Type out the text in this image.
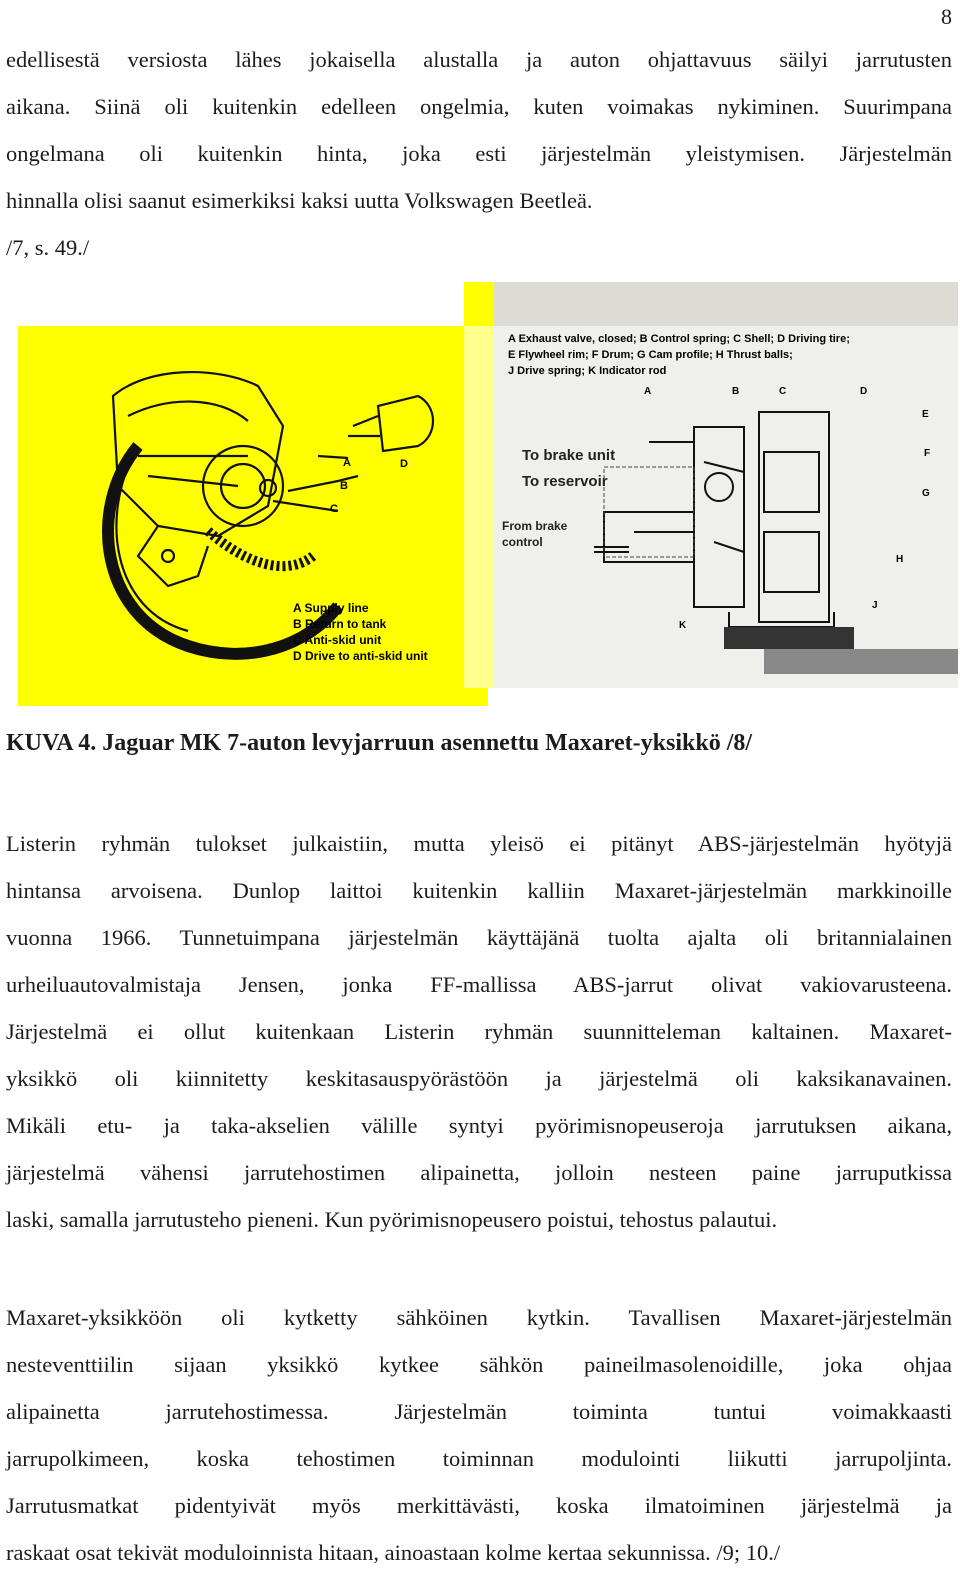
8
edellisestä versiosta lähes jokaisella alustalla ja auton ohjattavuus säilyi jarrutusten
aikana. Siinä oli kuitenkin edelleen ongelmia, kuten voimakas nykiminen. Suurimpana
ongelmana oli kuitenkin hinta, joka esti järjestelmän yleistymisen. Järjestelmän
hinnalla olisi saanut esimerkiksi kaksi uutta Volkswagen Beetleä.
/7, s. 49./
A
B
C
D
A Supply line
B Return to tank
C Anti-skid unit
D Drive to anti-skid unit
A Exhaust valve, closed; B Control spring; C Shell; D Driving tire;
E Flywheel rim; F Drum; G Cam profile; H Thrust balls;
J Drive spring; K Indicator rod
To brake unit
To reservoir
From brake
control
A	B	C	D
E
F
G
H
J
K
KUVA 4. Jaguar MK 7-auton levyjarruun asennettu Maxaret-yksikkö /8/
Listerin ryhmän tulokset julkaistiin, mutta yleisö ei pitänyt ABS-järjestelmän hyötyjä
hintansa arvoisena. Dunlop laittoi kuitenkin kalliin Maxaret-järjestelmän markkinoille
vuonna 1966. Tunnetuimpana järjestelmän käyttäjänä tuolta ajalta oli britannialainen
urheiluautovalmistaja Jensen, jonka FF-mallissa ABS-jarrut olivat vakiovarusteena.
Järjestelmä ei ollut kuitenkaan Listerin ryhmän suunnitteleman kaltainen. Maxaret-
yksikkö oli kiinnitetty keskitasauspyörästöön ja järjestelmä oli kaksikanavainen.
Mikäli etu- ja taka-akselien välille syntyi pyörimisnopeuseroja jarrutuksen aikana,
järjestelmä vähensi jarrutehostimen alipainetta, jolloin nesteen paine jarruputkissa
laski, samalla jarrutusteho pieneni. Kun pyörimisnopeusero poistui, tehostus palautui.
Maxaret-yksikköön oli kytketty sähköinen kytkin. Tavallisen Maxaret-järjestelmän
nesteventtiilin sijaan yksikkö kytkee sähkön paineilmasolenoidille, joka ohjaa
alipainetta jarrutehostimessa. Järjestelmän toiminta tuntui voimakkaasti
jarrupolkimeen, koska tehostimen toiminnan modulointi liikutti jarrupoljinta.
Jarrutusmatkat pidentyivät myös merkittävästi, koska ilmatoiminen järjestelmä ja
raskaat osat tekivät moduloinnista hitaan, ainoastaan kolme kertaa sekunnissa. /9; 10./
